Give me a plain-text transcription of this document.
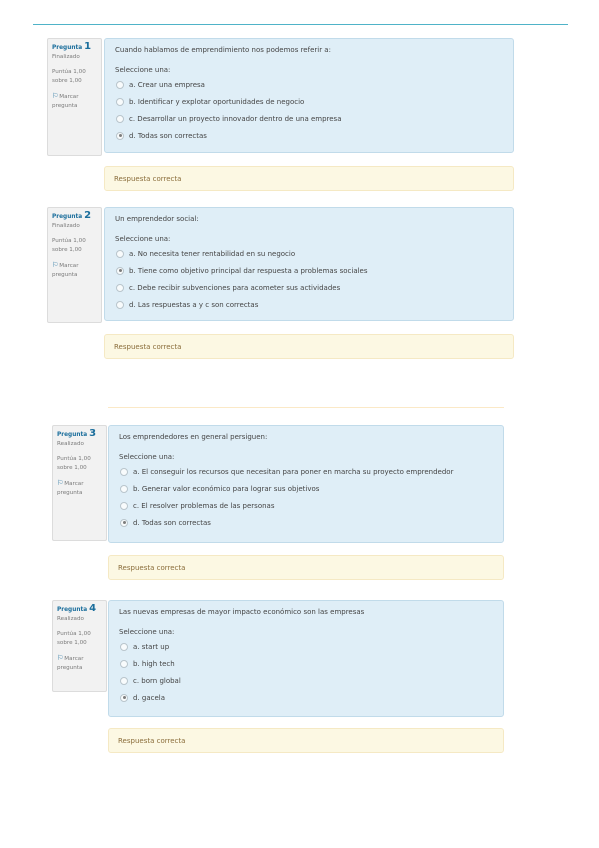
Pregunta 1
Finalizado
Puntúa 1,00
sobre 1,00
⚐Marcar
pregunta
Cuando hablamos de emprendimiento nos podemos referir a:
Seleccione una:
a. Crear una empresa
b. Identificar y explotar oportunidades de negocio
c. Desarrollar un proyecto innovador dentro de una empresa
d. Todas son correctas
Respuesta correcta
Pregunta 2
Finalizado
Puntúa 1,00
sobre 1,00
⚐Marcar
pregunta
Un emprendedor social:
Seleccione una:
a. No necesita tener rentabilidad en su negocio
b. Tiene como objetivo principal dar respuesta a problemas sociales
c. Debe recibir subvenciones para acometer sus actividades
d. Las respuestas a y c son correctas
Respuesta correcta
Pregunta 3
Realizado
Puntúa 1,00
sobre 1,00
⚐Marcar
pregunta
Los emprendedores en general persiguen:
Seleccione una:
a. El conseguir los recursos que necesitan para poner en marcha su proyecto emprendedor
b. Generar valor económico para lograr sus objetivos
c. El resolver problemas de las personas
d. Todas son correctas
Respuesta correcta
Pregunta 4
Realizado
Puntúa 1,00
sobre 1,00
⚐Marcar
pregunta
Las nuevas empresas de mayor impacto económico son las empresas
Seleccione una:
a. start up
b. high tech
c. born global
d. gacela
Respuesta correcta
